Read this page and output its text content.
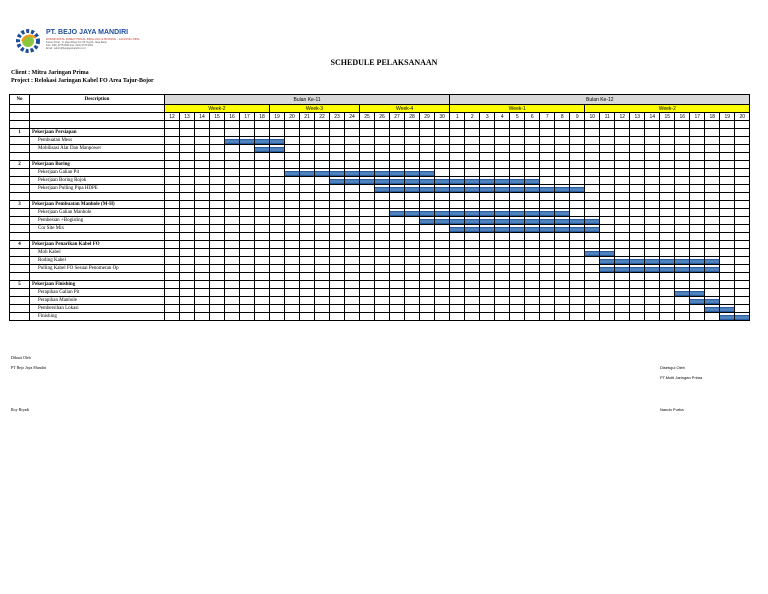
PT. BEJO JAYA MANDIRI
HORIZONTAL DIRECTIONAL DRILLING & BORING - JACKING PIPE
Kantor Pusat : Jl. Raya Bogor Km.35, Depok, Jawa Barat
Telp. (021) 8778-0000 Fax. (021) 8778-0001
Email : admin@bejojayamandiri.co.id
SCHEDULE PELAKSANAAN
Client : Mitra Jaringan Prima
Project : Relokasi Jaringan Kabel FO Area Tajur-Bojor
No	Description	Bulan Ke-11																			Bulan Ke-12																			
		Week-2							Week-3						Week-4						Week-1									Week-2										
		12	13	14	15	16	17	18	19	20	21	22	23	24	25	26	27	28	29	30	1	2	3	4	5	6	7	8	9	10	11	12	13	14	15	16	17	18	19	20

1	Pekerjaan Persiapan																																							
	Pembuatan Mess					

	Mobilisasi Alat Dan Manpower							

2	Pekerjaan Boring																																							
	Pekerjaan Galian Pit									

	Pekerjaan Boring Rojok												

	Pekerjaan Pulling Pipa HDPE															

3	Pekerjaan Pembuatan Manhole (M-H)																																							
	Pekerjaan Galian Manhole																

	Pembesian +Bogisting																		

	Cor Site Mix																				

4	Pekerjaan Penarikan Kabel FO																																							
	Mob Kabel																													

	Roding Kabel																														

	Pulling Kabel FO Sesuai Penomeran Op																														

5	Pekerjaan Finishing																																							
	Perapihan Galian Pit																																			

	Perapihan Manhole																																				

	Pembersihan Lokasi																																					

	Finishing																																						

Dibuat Oleh
PT Bejo Jaya Mandiri
Roy Riyadi
Disetujui Oleh
PT.Multi Jaringan Prima
Nando Purba
